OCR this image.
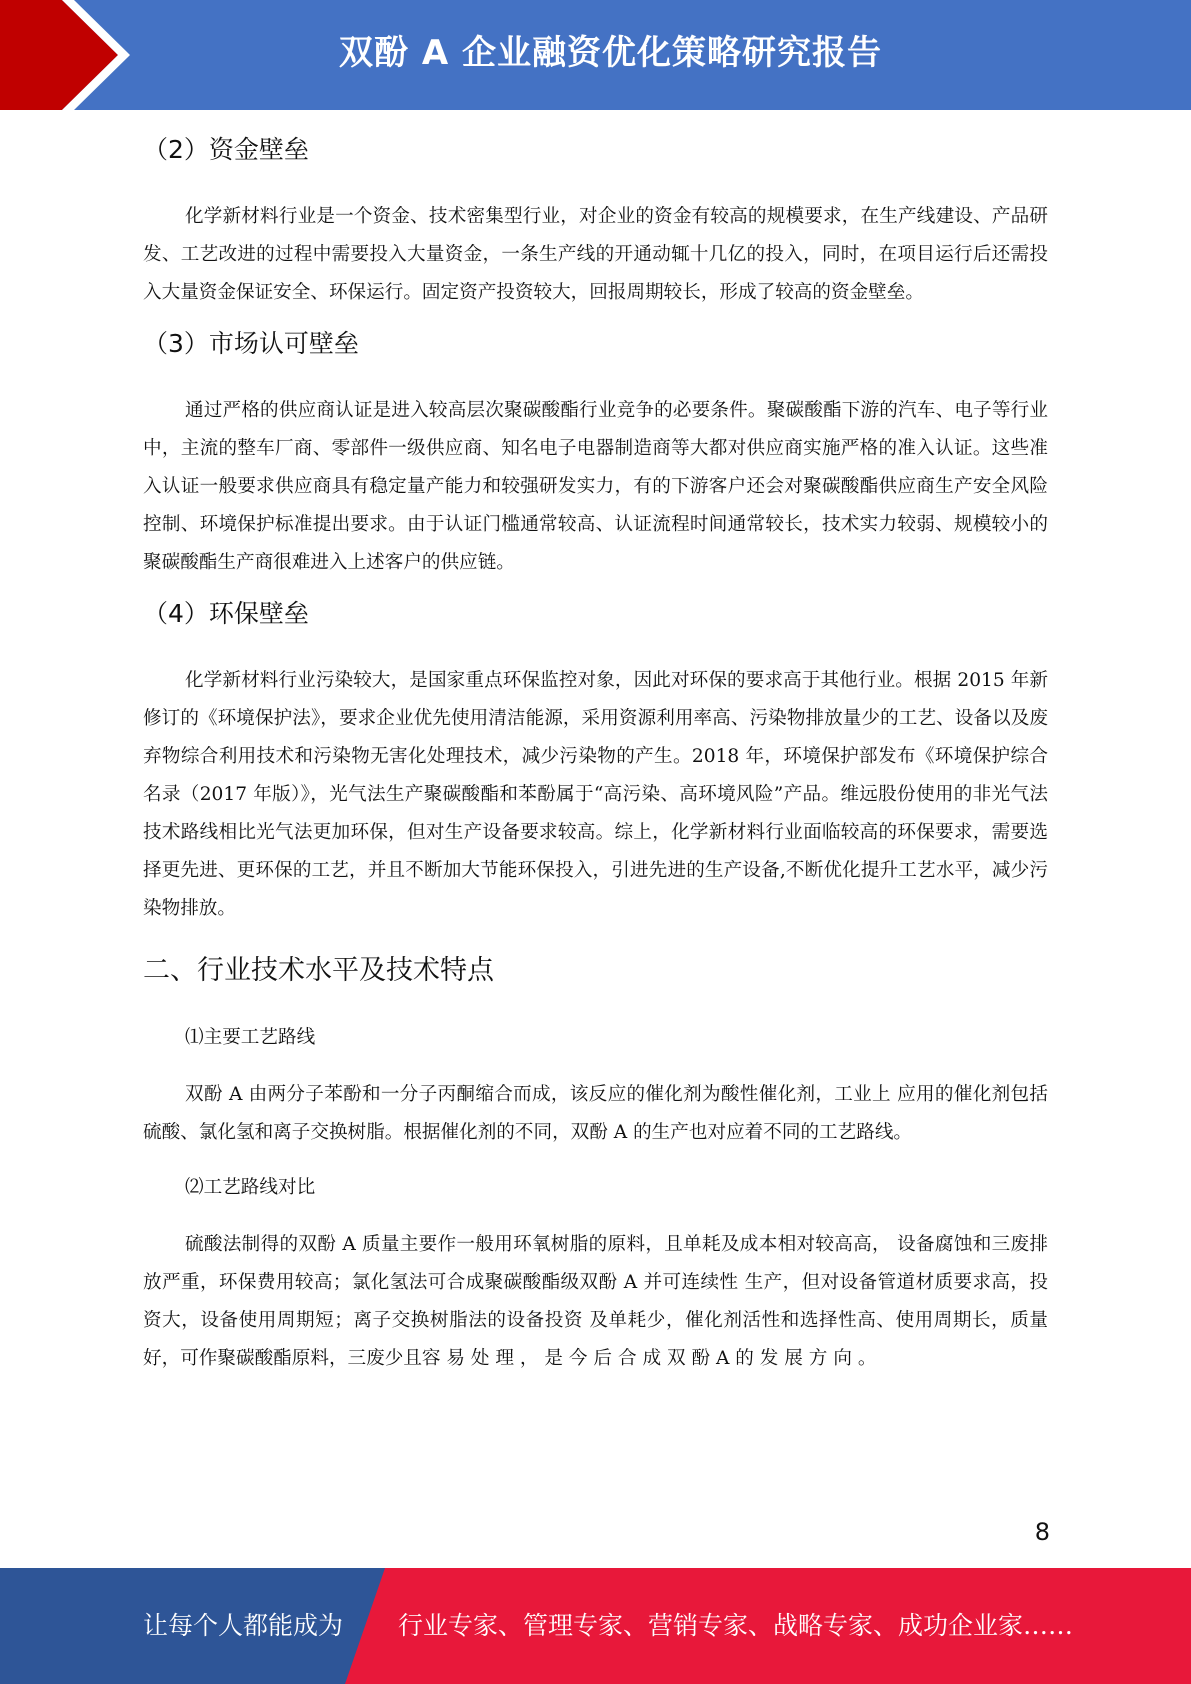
双酚 A 企业融资优化策略研究报告
（2）资金壁垒

化学新材料行业是一个资金、技术密集型行业，对企业的资金有较高的规模要求，在生产线建设、产品研发、工艺改进的过程中需要投入大量资金，一条生产线的开通动辄十几亿的投入，同时，在项目运行后还需投入大量资金保证安全、环保运行。固定资产投资较大，回报周期较长，形成了较高的资金壁垒。

（3）市场认可壁垒

通过严格的供应商认证是进入较高层次聚碳酸酯行业竞争的必要条件。聚碳酸酯下游的汽车、电子等行业中，主流的整车厂商、零部件一级供应商、知名电子电器制造商等大都对供应商实施严格的准入认证。这些准入认证一般要求供应商具有稳定量产能力和较强研发实力，有的下游客户还会对聚碳酸酯供应商生产安全风险控制、环境保护标准提出要求。由于认证门槛通常较高、认证流程时间通常较长，技术实力较弱、规模较小的聚碳酸酯生产商很难进入上述客户的供应链。

（4）环保壁垒

化学新材料行业污染较大，是国家重点环保监控对象，因此对环保的要求高于其他行业。根据 2015 年新修订的《环境保护法》，要求企业优先使用清洁能源，采用资源利用率高、污染物排放量少的工艺、设备以及废弃物综合利用技术和污染物无害化处理技术，减少污染物的产生。2018 年，环境保护部发布《环境保护综合名录（2017 年版）》，光气法生产聚碳酸酯和苯酚属于“高污染、高环境风险”产品。维远股份使用的非光气法技术路线相比光气法更加环保，但对生产设备要求较高。综上，化学新材料行业面临较高的环保要求，需要选择更先进、更环保的工艺，并且不断加大节能环保投入，引进先进的生产设备,不断优化提升工艺水平，减少污染物排放。

二、行业技术水平及技术特点
⑴主要工艺路线

双酚 A 由两分子苯酚和一分子丙酮缩合而成，该反应的催化剂为酸性催化剂，工业上 应用的催化剂包括硫酸、氯化氢和离子交换树脂。根据催化剂的不同，双酚 A 的生产也对应着不同的工艺路线。

⑵工艺路线对比

硫酸法制得的双酚 A 质量主要作一般用环氧树脂的原料，且单耗及成本相对较高高， 设备腐蚀和三废排放严重，环保费用较高；氯化氢法可合成聚碳酸酯级双酚 A 并可连续性 生产，但对设备管道材质要求高，投资大，设备使用周期短；离子交换树脂法的设备投资 及单耗少，催化剂活性和选择性高、使用周期长，质量好，可作聚碳酸酯原料，三废少且容 易 处 理 ， 是 今 后 合 成 双 酚 A 的 发 展 方 向 。

8
让每个人都能成为 行业专家、管理专家、营销专家、战略专家、成功企业家……
